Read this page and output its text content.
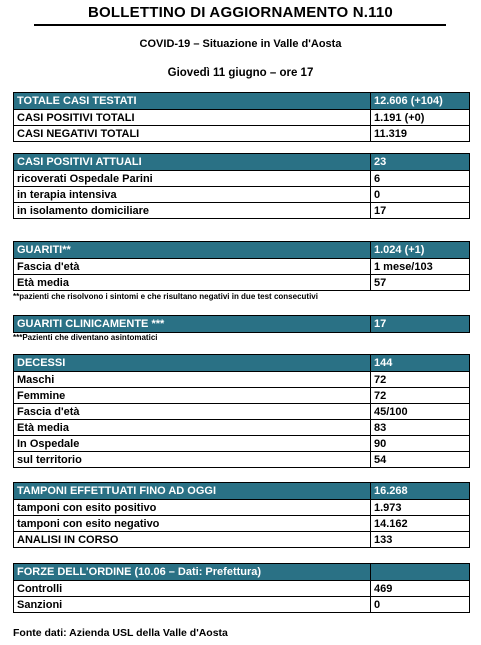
BOLLETTINO DI AGGIORNAMENTO N.110
COVID-19 – Situazione in Valle d'Aosta
Giovedì 11 giugno – ore 17
TOTALE CASI TESTATI	12.606 (+104)
CASI POSITIVI TOTALI	1.191 (+0)
CASI NEGATIVI TOTALI	11.319
CASI POSITIVI ATTUALI	23
ricoverati Ospedale Parini	6
in terapia intensiva	0
in isolamento domiciliare	17
GUARITI**	1.024 (+1)
Fascia d'età	1 mese/103
Età media	57
**pazienti che risolvono i sintomi e che risultano negativi in due test consecutivi
GUARITI CLINICAMENTE ***	17
***Pazienti che diventano asintomatici
DECESSI	144
Maschi	72
Femmine	72
Fascia d'età	45/100
Età media	83
In Ospedale	90
sul territorio	54
TAMPONI EFFETTUATI FINO AD OGGI	16.268
tamponi con esito positivo	1.973
tamponi con esito negativo	14.162
ANALISI IN CORSO	133
FORZE DELL'ORDINE (10.06 – Dati: Prefettura)	
Controlli	469
Sanzioni	0
Fonte dati: Azienda USL della Valle d'Aosta
